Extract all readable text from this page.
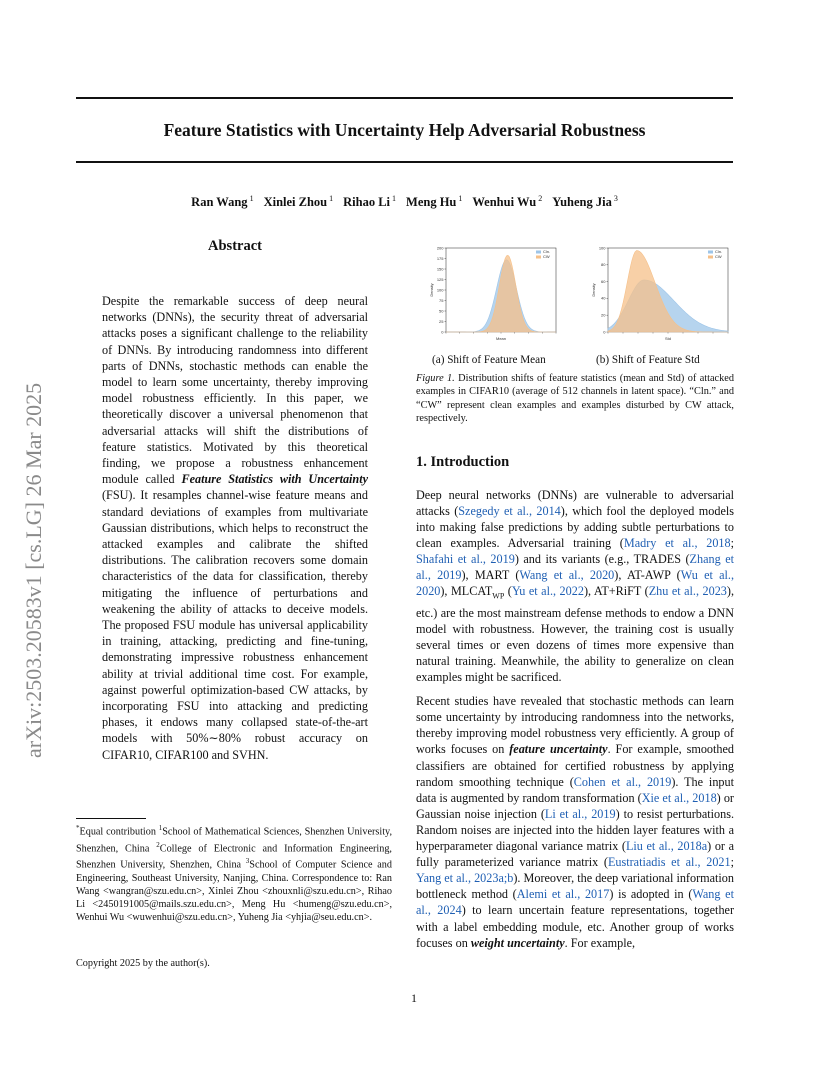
arXiv:2503.20583v1 [cs.LG] 26 Mar 2025
Feature Statistics with Uncertainty Help Adversarial Robustness
Ran Wang $^1$ Xinlei Zhou $^1$ Rihao Li $^1$ Meng Hu $^1$ Wenhui Wu $^2$ Yuheng Jia $^3$
Abstract

Despite the remarkable success of deep neural networks (DNNs), the security threat of adversarial attacks poses a significant challenge to the reliability of DNNs. By introducing randomness into different parts of DNNs, stochastic methods can enable the model to learn some uncertainty, thereby improving model robustness efficiently. In this paper, we theoretically discover a universal phenomenon that adversarial attacks will shift the distributions of feature statistics. Motivated by this theoretical finding, we propose a robustness enhancement module called Feature Statistics with Uncertainty (FSU). It resamples channel-wise feature means and standard deviations of examples from multivariate Gaussian distributions, which helps to reconstruct the attacked examples and calibrate the shifted distributions. The calibration recovers some domain characteristics of the data for classification, thereby mitigating the influence of perturbations and weakening the ability of attacks to deceive models. The proposed FSU module has universal applicability in training, attacking, predicting and fine-tuning, demonstrating impressive robustness enhancement ability at trivial additional time cost. For example, against powerful optimization-based CW attacks, by incorporating FSU into attacking and predicting phases, it endows many collapsed state-of-the-art models with 50%∼80% robust accuracy on CIFAR10, CIFAR100 and SVHN.

*Equal contribution $^1$School of Mathematical Sciences, Shenzhen University, Shenzhen, China $^2$College of Electronic and Information Engineering, Shenzhen University, Shenzhen, China $^3$School of Computer Science and Engineering, Southeast University, Nanjing, China. Correspondence to: Ran Wang <wangran@szu.edu.cn>, Xinlei Zhou <zhouxnli@szu.edu.cn>, Rihao Li <2450191005@mails.szu.edu.cn>, Meng Hu <humeng@szu.edu.cn>, Wenhui Wu <wuwenhui@szu.edu.cn>, Yuheng Jia <yhjia@seu.edu.cn>.

Copyright 2025 by the author(s).

0
25
50
75
100
125
150
175
200
Cln.
CW
Mean
Density
0
20
40
60
80
100
Cln.
CW
Std
Density
(a) Shift of Feature Mean	(b) Shift of Feature Std

Figure 1. Distribution shifts of feature statistics (mean and Std) of attacked examples in CIFAR10 (average of 512 channels in latent space). “Cln.” and “CW” represent clean examples and examples disturbed by CW attack, respectively.

1. Introduction

Deep neural networks (DNNs) are vulnerable to adversarial attacks (Szegedy et al., 2014), which fool the deployed models into making false predictions by adding subtle perturbations to clean examples. Adversarial training (Madry et al., 2018; Shafahi et al., 2019) and its variants (e.g., TRADES (Zhang et al., 2019), MART (Wang et al., 2020), AT-AWP (Wu et al., 2020), $MLCAT_{WP}$ (Yu et al., 2022), AT+RiFT (Zhu et al., 2023), etc.) are the most mainstream defense methods to endow a DNN model with robustness. However, the training cost is usually several times or even dozens of times more expensive than natural training. Meanwhile, the ability to generalize on clean examples might be sacrificed.

Recent studies have revealed that stochastic methods can learn some uncertainty by introducing randomness into the networks, thereby improving model robustness very efficiently. A group of works focuses on feature uncertainty. For example, smoothed classifiers are obtained for certified robustness by applying random smoothing technique (Cohen et al., 2019). The input data is augmented by random transformation (Xie et al., 2018) or Gaussian noise injection (Li et al., 2019) to resist perturbations. Random noises are injected into the hidden layer features with a hyperparameter diagonal variance matrix (Liu et al., 2018a) or a fully parameterized variance matrix (Eustratiadis et al., 2021; Yang et al., 2023a;b). Moreover, the deep variational information bottleneck method (Alemi et al., 2017) is adopted in (Wang et al., 2024) to learn uncertain feature representations, together with a label embedding module, etc. Another group of works focuses on weight uncertainty. For example,

1
